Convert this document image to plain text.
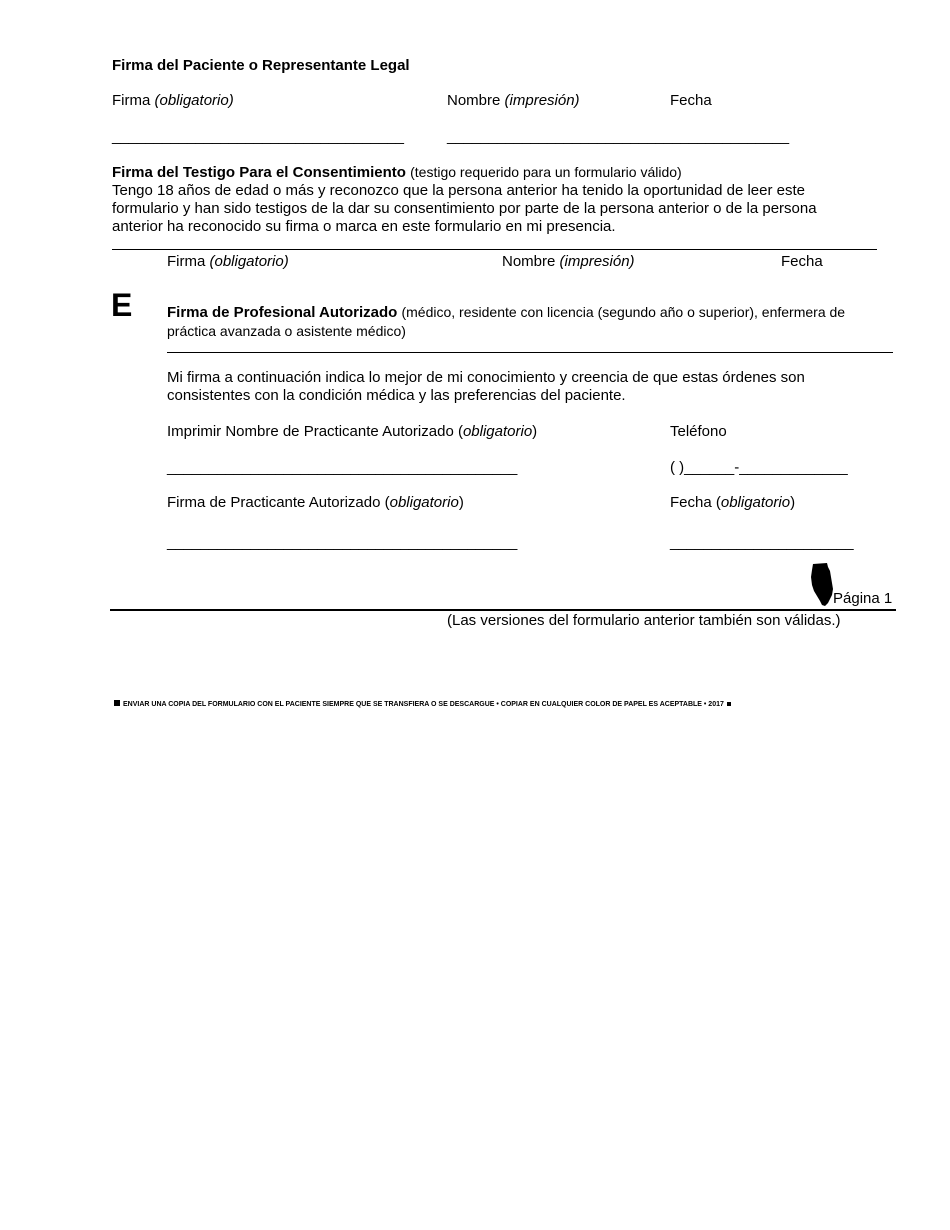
Firma del Paciente o Representante Legal
Firma (obligatorio)	Nombre (impresión)	Fecha
___________________________________	_________________________________________
Firma del Testigo Para el Consentimiento (testigo requerido para un formulario válido)
Tengo 18 años de edad o más y reconozco que la persona anterior ha tenido la oportunidad de leer este formulario y han sido testigos de la dar su consentimiento por parte de la persona anterior o de la persona anterior ha reconocido su firma o marca en este formulario en mi presencia.
Firma (obligatorio)	Nombre (impresión)	Fecha
E Firma de Profesional Autorizado (médico, residente con licencia (segundo año o superior), enfermera de práctica avanzada o asistente médico)
Mi firma a continuación indica lo mejor de mi conocimiento y creencia de que estas órdenes son consistentes con la condición médica y las preferencias del paciente.
Imprimir Nombre de Practicante Autorizado (obligatorio)	Teléfono
__________________________________________	( )______-_____________
Firma de Practicante Autorizado (obligatorio)	Fecha (obligatorio)
__________________________________________	______________________
Página 1
(Las versiones del formulario anterior también son válidas.)
ENVIAR UNA COPIA DEL FORMULARIO CON EL PACIENTE SIEMPRE QUE SE TRANSFIERA O SE DESCARGUE • COPIAR EN CUALQUIER COLOR DE PAPEL ES ACEPTABLE • 2017
